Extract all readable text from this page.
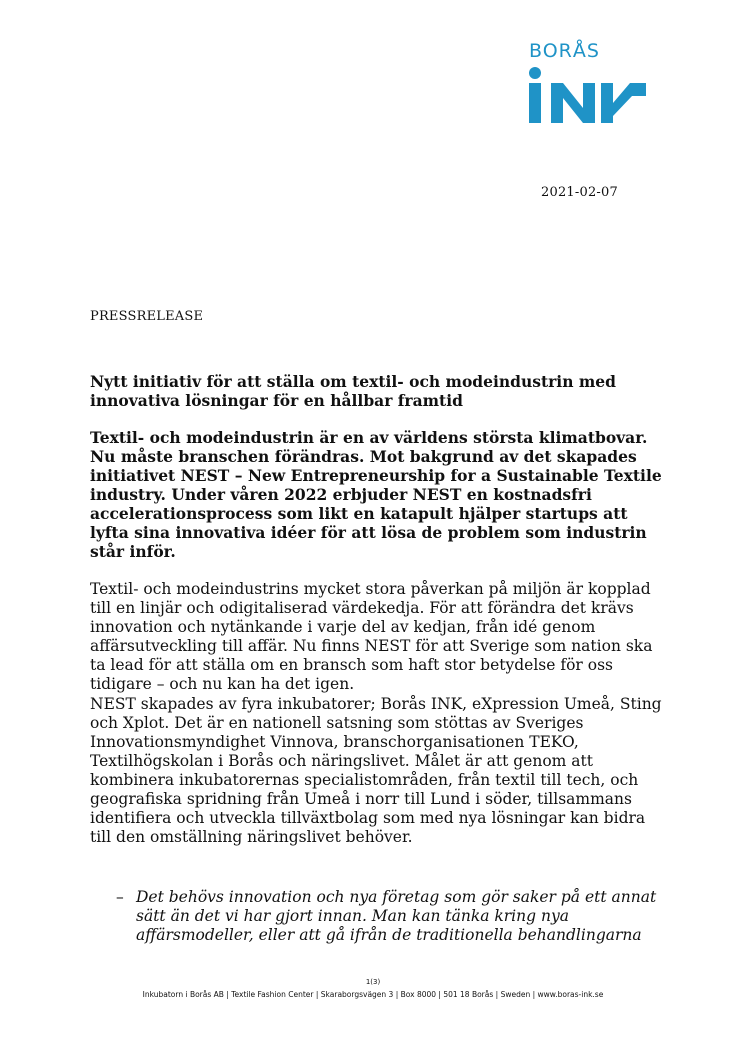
BORÅS
2021-02-07
PRESSRELEASE
Nytt initiativ för att ställa om textil- och modeindustrin med innovativa lösningar för en hållbar framtid

Textil- och modeindustrin är en av världens största klimatbovar. Nu måste branschen förändras. Mot bakgrund av det skapades initiativet NEST – New Entrepreneurship for a Sustainable Textile industry. Under våren 2022 erbjuder NEST en kostnadsfri accelerationsprocess som likt en katapult hjälper startups att lyfta sina innovativa idéer för att lösa de problem som industrin står inför.

Textil- och modeindustrins mycket stora påverkan på miljön är kopplad till en linjär och odigitaliserad värdekedja. För att förändra det krävs innovation och nytänkande i varje del av kedjan, från idé genom affärsutveckling till affär. Nu finns NEST för att Sverige som nation ska ta lead för att ställa om en bransch som haft stor betydelse för oss tidigare – och nu kan ha det igen.

NEST skapades av fyra inkubatorer; Borås INK, eXpression Umeå, Sting och Xplot. Det är en nationell satsning som stöttas av Sveriges Innovationsmyndighet Vinnova, branschorganisationen TEKO, Textilhögskolan i Borås och näringslivet. Målet är att genom att kombinera inkubatorernas specialistområden, från textil till tech, och geografiska spridning från Umeå i norr till Lund i söder, tillsammans identifiera och utveckla tillväxtbolag som med nya lösningar kan bidra till den omställning näringslivet behöver.

– Det behövs innovation och nya företag som gör saker på ett annat sätt än det vi har gjort innan. Man kan tänka kring nya affärsmodeller, eller att gå ifrån de traditionella behandlingarna
1(3)
Inkubatorn i Borås AB | Textile Fashion Center | Skaraborgsvägen 3 | Box 8000 | 501 18 Borås | Sweden | www.boras-ink.se
